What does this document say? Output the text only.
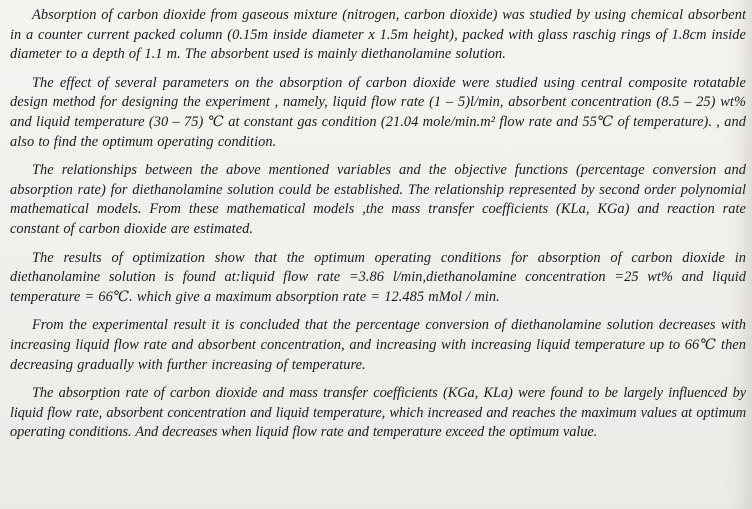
Absorption of carbon dioxide from gaseous mixture (nitrogen, carbon dioxide) was studied by using chemical absorbent in a counter current packed column (0.15m inside diameter x 1.5m height), packed with glass raschig rings of 1.8cm inside diameter to a depth of 1.1 m. The absorbent used is mainly diethanolamine solution.

The effect of several parameters on the absorption of carbon dioxide were studied using central composite rotatable design method for designing the experiment , namely, liquid flow rate (1 – 5)l/min, absorbent concentration (8.5 – 25) wt% and liquid temperature (30 – 75) ℃ at constant gas condition (21.04 mole/min.m² flow rate and 55℃ of temperature). , and also to find the optimum operating condition.

The relationships between the above mentioned variables and the objective functions (percentage conversion and absorption rate) for diethanolamine solution could be established. The relationship represented by second order polynomial mathematical models. From these mathematical models ,the mass transfer coefficients (KLa, KGa) and reaction rate constant of carbon dioxide are estimated.

The results of optimization show that the optimum operating conditions for absorption of carbon dioxide in diethanolamine solution is found at:liquid flow rate =3.86 l/min,diethanolamine concentration =25 wt% and liquid temperature = 66℃. which give a maximum absorption rate = 12.485 mMol / min.

From the experimental result it is concluded that the percentage conversion of diethanolamine solution decreases with increasing liquid flow rate and absorbent concentration, and increasing with increasing liquid temperature up to 66℃ then decreasing gradually with further increasing of temperature.

The absorption rate of carbon dioxide and mass transfer coefficients (KGa, KLa) were found to be largely influenced by liquid flow rate, absorbent concentration and liquid temperature, which increased and reaches the maximum values at optimum operating conditions. And decreases when liquid flow rate and temperature exceed the optimum value.
